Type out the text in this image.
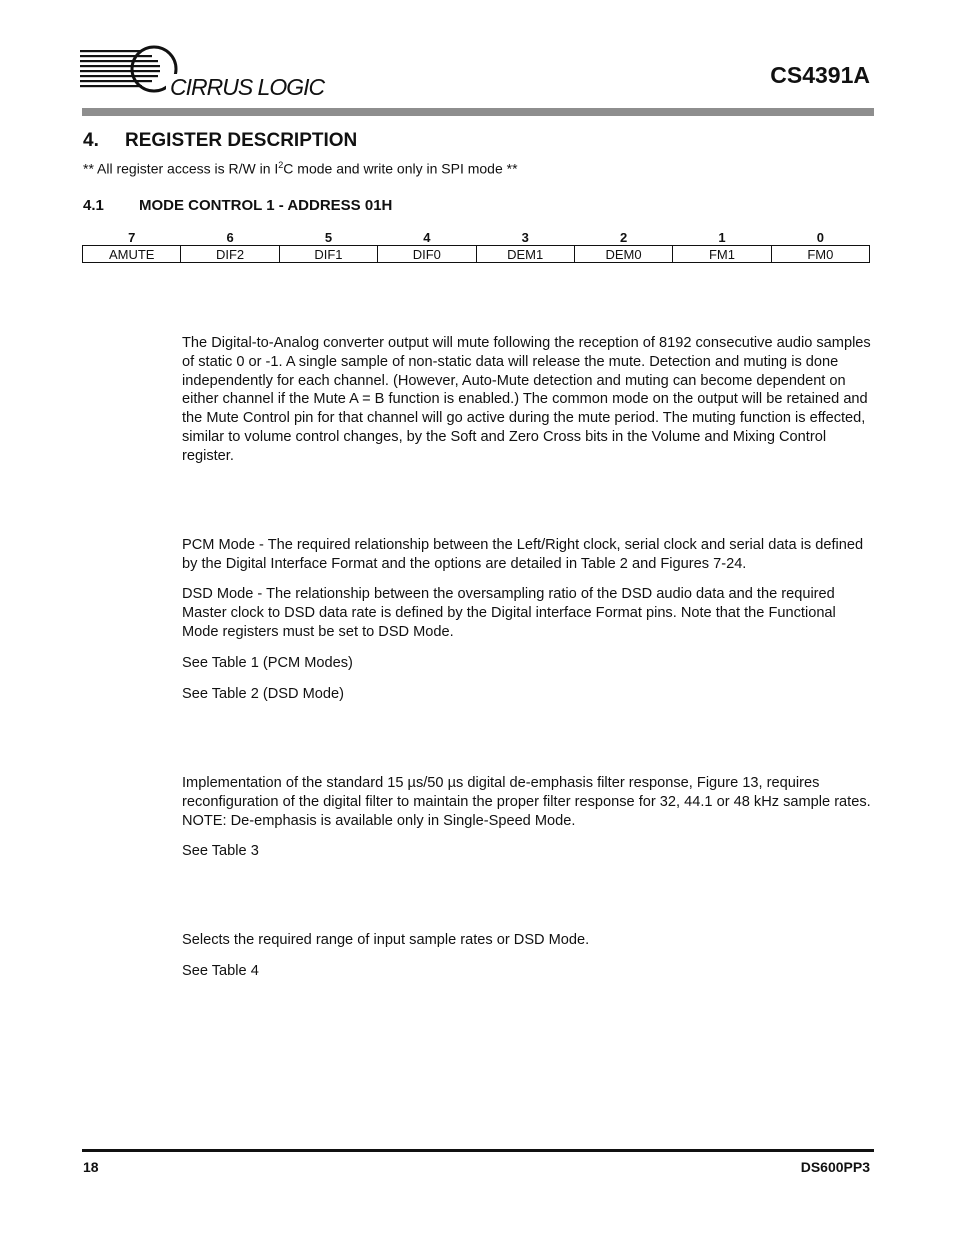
CIRRUS LOGIC	CS4391A
4. REGISTER DESCRIPTION
** All register access is R/W in $I^2C$ mode and write only in SPI mode **
4.1 MODE CONTROL 1 - ADDRESS 01H
7	6	5	4	3	2	1	0
AMUTE	DIF2	DIF1	DIF0	DEM1	DEM0	FM1	FM0

The Digital-to-Analog converter output will mute following the reception of 8192 consecutive audio samples of static 0 or -1. A single sample of non-static data will release the mute. Detection and muting is done independently for each channel. (However, Auto-Mute detection and muting can become dependent on either channel if the Mute A = B function is enabled.) The common mode on the output will be retained and the Mute Control pin for that channel will go active during the mute period. The muting function is effected, similar to volume control changes, by the Soft and Zero Cross bits in the Volume and Mixing Control register.

PCM Mode - The required relationship between the Left/Right clock, serial clock and serial data is defined by the Digital Interface Format and the options are detailed in Table 2 and Figures 7-24.

DSD Mode - The relationship between the oversampling ratio of the DSD audio data and the required Master clock to DSD data rate is defined by the Digital interface Format pins. Note that the Functional Mode registers must be set to DSD Mode.

See Table 1 (PCM Modes)

See Table 2 (DSD Mode)

Implementation of the standard 15 µs/50 µs digital de-emphasis filter response, Figure 13, requires reconfiguration of the digital filter to maintain the proper filter response for 32, 44.1 or 48 kHz sample rates. NOTE: De-emphasis is available only in Single-Speed Mode.

See Table 3

Selects the required range of input sample rates or DSD Mode.

See Table 4

18	DS600PP3
